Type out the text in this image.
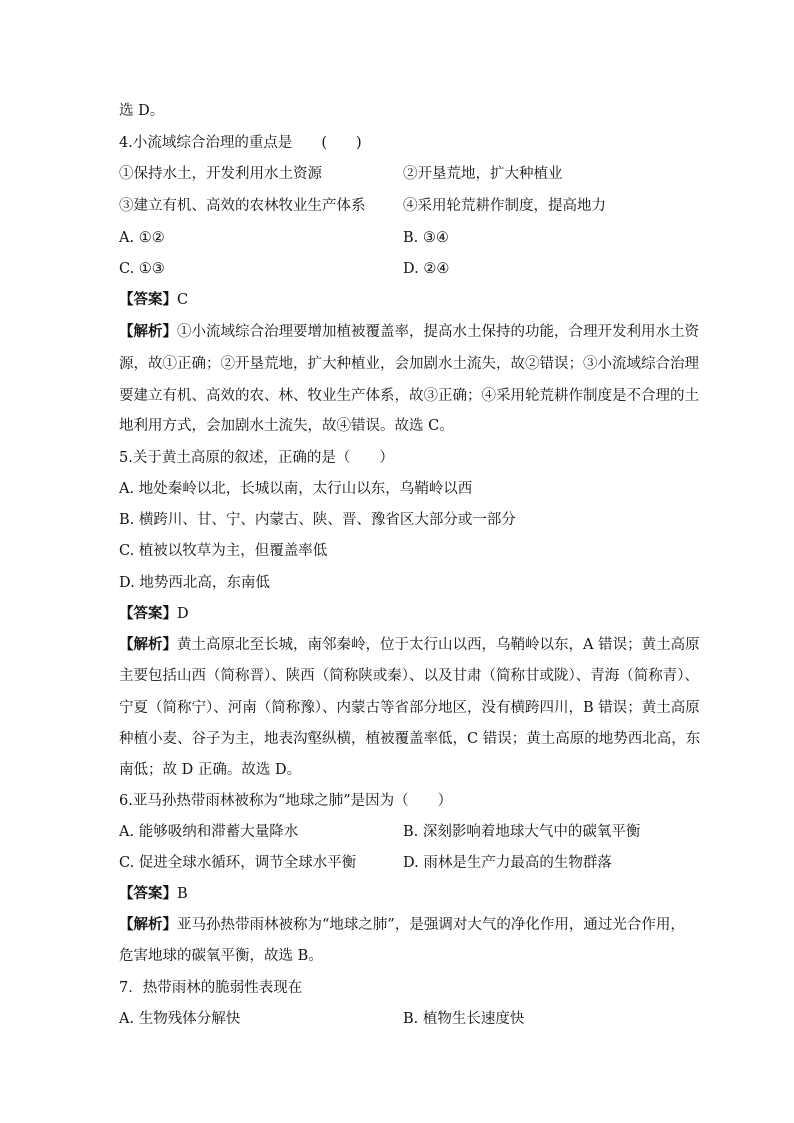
选 D。
4.小流域综合治理的重点是　　(　　)
①保持水土，开发利用水土资源	②开垦荒地，扩大种植业
③建立有机、高效的农林牧业生产体系	④采用轮荒耕作制度，提高地力
A. ①②	B. ③④
C. ①③	D. ②④
【答案】C
【解析】①小流域综合治理要增加植被覆盖率，提高水土保持的功能，合理开发利用水土资
源，故①正确；②开垦荒地，扩大种植业，会加剧水土流失，故②错误；③小流域综合治理
要建立有机、高效的农、林、牧业生产体系，故③正确；④采用轮荒耕作制度是不合理的土
地利用方式，会加剧水土流失，故④错误。故选 C。
5.关于黄土高原的叙述，正确的是（　　）
A. 地处秦岭以北，长城以南，太行山以东，乌鞘岭以西
B. 横跨川、甘、宁、内蒙古、陕、晋、豫省区大部分或一部分
C. 植被以牧草为主，但覆盖率低
D. 地势西北高，东南低
【答案】D
【解析】黄土高原北至长城，南邻秦岭，位于太行山以西，乌鞘岭以东，A 错误；黄土高原
主要包括山西（简称晋）、陕西（简称陕或秦）、以及甘肃（简称甘或陇）、青海（简称青）、
宁夏（简称宁）、河南（简称豫）、内蒙古等省部分地区，没有横跨四川，B 错误；黄土高原
种植小麦、谷子为主，地表沟壑纵横，植被覆盖率低，C 错误；黄土高原的地势西北高，东
南低；故 D 正确。故选 D。
6.亚马孙热带雨林被称为“地球之肺”是因为（　　）
A. 能够吸纳和滞蓄大量降水	B. 深刻影响着地球大气中的碳氧平衡
C. 促进全球水循环，调节全球水平衡	D. 雨林是生产力最高的生物群落
【答案】B
【解析】亚马孙热带雨林被称为“地球之肺”，是强调对大气的净化作用，通过光合作用，
危害地球的碳氧平衡，故选 B。
7．热带雨林的脆弱性表现在
A. 生物残体分解快	B. 植物生长速度快
